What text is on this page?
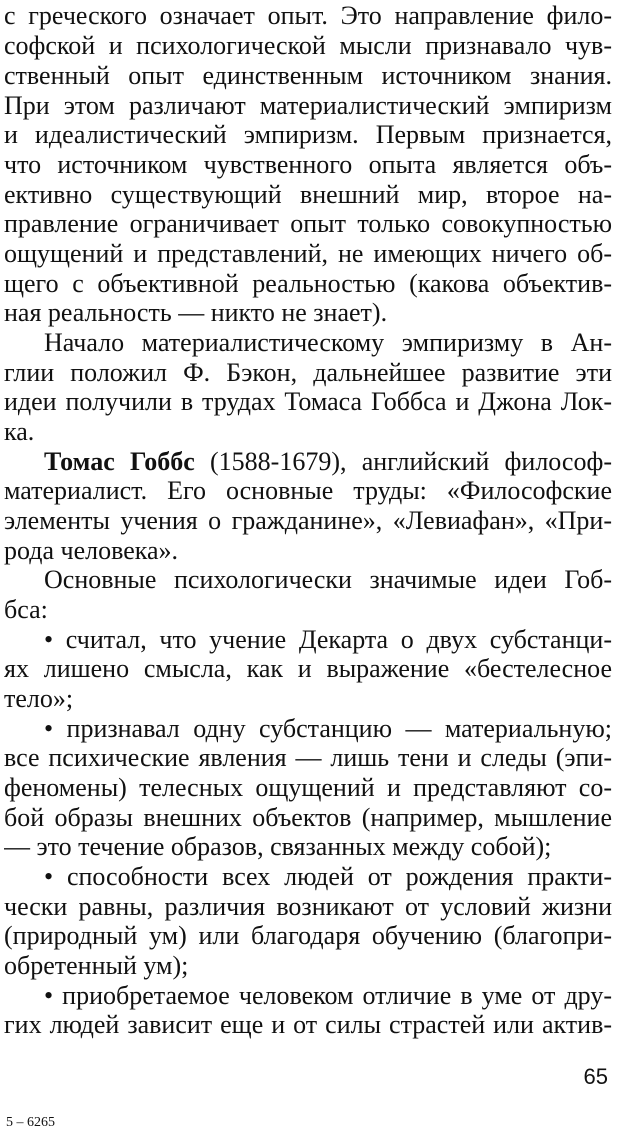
с греческого означает опыт. Это направление фило-
софской и психологической мысли признавало чув-
ственный опыт единственным источником знания.
При этом различают материалистический эмпиризм
и идеалистический эмпиризм. Первым признается,
что источником чувственного опыта является объ-
ективно существующий внешний мир, второе на-
правление ограничивает опыт только совокупностью
ощущений и представлений, не имеющих ничего об-
щего с объективной реальностью (какова объектив-
ная реальность — никто не знает).
Начало материалистическому эмпиризму в Ан-
глии положил Ф. Бэкон, дальнейшее развитие эти
идеи получили в трудах Томаса Гоббса и Джона Лок-
ка.
Томас Гоббс (1588-1679), английский философ-
материалист. Его основные труды: «Философские
элементы учения о гражданине», «Левиафан», «При-
рода человека».
Основные психологически значимые идеи Гоб-
бса:
• считал, что учение Декарта о двух субстанци-
ях лишено смысла, как и выражение «бестелесное
тело»;
• признавал одну субстанцию — материальную;
все психические явления — лишь тени и следы (эпи-
феномены) телесных ощущений и представляют со-
бой образы внешних объектов (например, мышление
— это течение образов, связанных между собой);
• способности всех людей от рождения практи-
чески равны, различия возникают от условий жизни
(природный ум) или благодаря обучению (благопри-
обретенный ум);
• приобретаемое человеком отличие в уме от дру-
гих людей зависит еще и от силы страстей или актив-
65
5 – 6265
